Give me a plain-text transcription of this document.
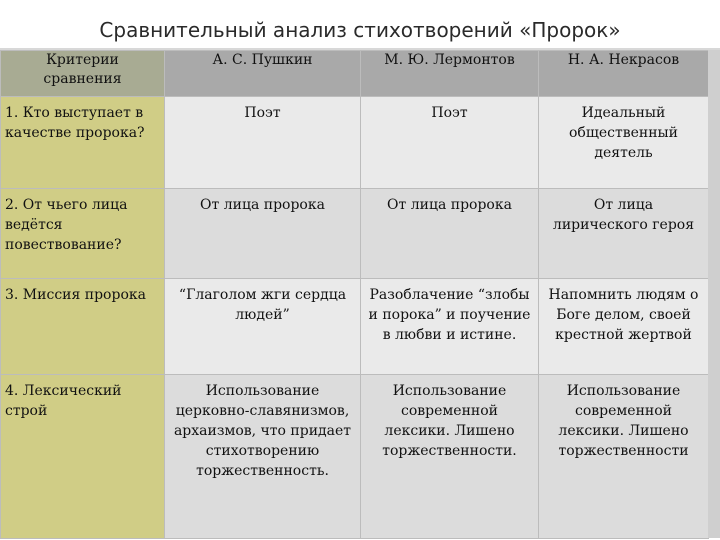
Сравнительный анализ стихотворений «Пророк»
Критерии сравнения	А. С. Пушкин	М. Ю. Лермонтов	Н. А. Некрасов
1. Кто выступает в качестве пророка?	Поэт	Поэт	Идеальный общественный деятель
2. От чьего лица ведётся повествование?	От лица пророка	От лица пророка	От лица лирического героя
3. Миссия пророка	“Глаголом жги сердца людей”	Разоблачение “злобы и порока” и поучение в любви и истине.	Напомнить людям о Боге делом, своей крестной жертвой
4. Лексический строй	Использование церковно-славянизмов, архаизмов, что придает стихотворению торжественность.	Использование современной лексики. Лишено торжественности.	Использование современной лексики. Лишено торжественности
